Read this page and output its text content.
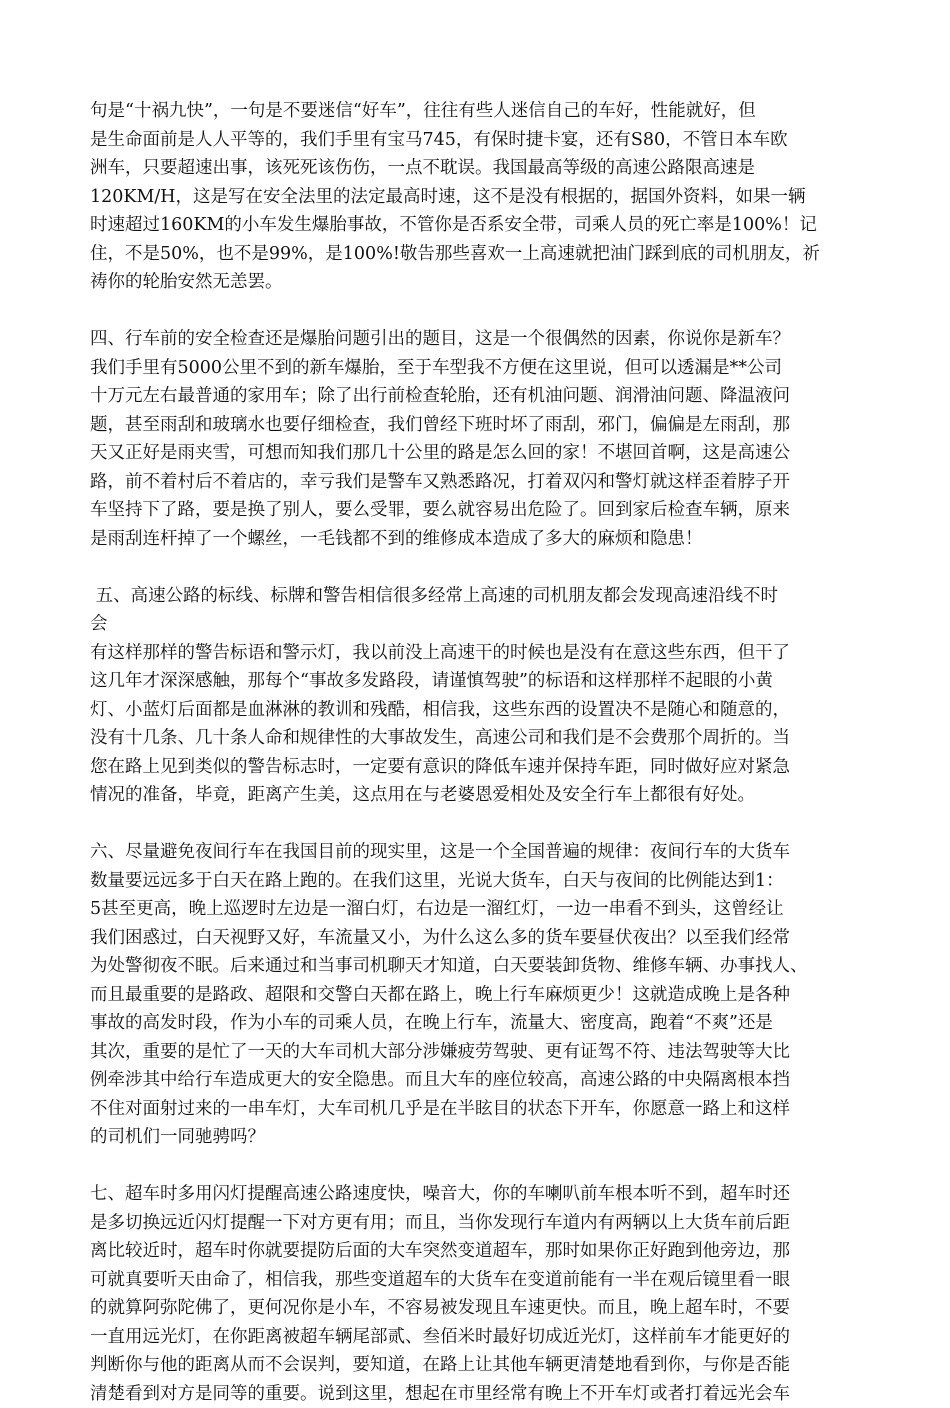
句是“十祸九快”，一句是不要迷信“好车”，往往有些人迷信自己的车好，性能就好，但
是生命面前是人人平等的，我们手里有宝马745，有保时捷卡宴，还有S80，不管日本车欧
洲车，只要超速出事，该死死该伤伤，一点不耽误。我国最高等级的高速公路限高速是
120KM/H，这是写在安全法里的法定最高时速，这不是没有根据的，据国外资料，如果一辆
时速超过160KM的小车发生爆胎事故，不管你是否系安全带，司乘人员的死亡率是100%！记
住，不是50%，也不是99%，是100%!敬告那些喜欢一上高速就把油门踩到底的司机朋友，祈
祷你的轮胎安然无恙罢。
四、行车前的安全检查还是爆胎问题引出的题目，这是一个很偶然的因素，你说你是新车？
我们手里有5000公里不到的新车爆胎，至于车型我不方便在这里说，但可以透漏是**公司
十万元左右最普通的家用车；除了出行前检查轮胎，还有机油问题、润滑油问题、降温液问
题，甚至雨刮和玻璃水也要仔细检查，我们曾经下班时坏了雨刮，邪门，偏偏是左雨刮，那
天又正好是雨夹雪，可想而知我们那几十公里的路是怎么回的家！不堪回首啊，这是高速公
路，前不着村后不着店的，幸亏我们是警车又熟悉路况，打着双闪和警灯就这样歪着脖子开
车坚持下了路，要是换了别人，要么受罪，要么就容易出危险了。回到家后检查车辆，原来
是雨刮连杆掉了一个螺丝，一毛钱都不到的维修成本造成了多大的麻烦和隐患！
五、高速公路的标线、标牌和警告相信很多经常上高速的司机朋友都会发现高速沿线不时
会
有这样那样的警告标语和警示灯，我以前没上高速干的时候也是没有在意这些东西，但干了
这几年才深深感触，那每个“事故多发路段，请谨慎驾驶”的标语和这样那样不起眼的小黄
灯、小蓝灯后面都是血淋淋的教训和残酷，相信我，这些东西的设置决不是随心和随意的，
没有十几条、几十条人命和规律性的大事故发生，高速公司和我们是不会费那个周折的。当
您在路上见到类似的警告标志时，一定要有意识的降低车速并保持车距，同时做好应对紧急
情况的准备，毕竟，距离产生美，这点用在与老婆恩爱相处及安全行车上都很有好处。
六、尽量避免夜间行车在我国目前的现实里，这是一个全国普遍的规律：夜间行车的大货车
数量要远远多于白天在路上跑的。在我们这里，光说大货车，白天与夜间的比例能达到1：
5甚至更高，晚上巡逻时左边是一溜白灯，右边是一溜红灯，一边一串看不到头，这曾经让
我们困惑过，白天视野又好，车流量又小，为什么这么多的货车要昼伏夜出？以至我们经常
为处警彻夜不眠。后来通过和当事司机聊天才知道，白天要装卸货物、维修车辆、办事找人、
而且最重要的是路政、超限和交警白天都在路上，晚上行车麻烦更少！这就造成晚上是各种
事故的高发时段，作为小车的司乘人员，在晚上行车，流量大、密度高，跑着“不爽”还是
其次，重要的是忙了一天的大车司机大部分涉嫌疲劳驾驶、更有证驾不符、违法驾驶等大比
例牵涉其中给行车造成更大的安全隐患。而且大车的座位较高，高速公路的中央隔离根本挡
不住对面射过来的一串车灯，大车司机几乎是在半眩目的状态下开车，你愿意一路上和这样
的司机们一同驰骋吗？
七、超车时多用闪灯提醒高速公路速度快，噪音大，你的车喇叭前车根本听不到，超车时还
是多切换远近闪灯提醒一下对方更有用；而且，当你发现行车道内有两辆以上大货车前后距
离比较近时，超车时你就要提防后面的大车突然变道超车，那时如果你正好跑到他旁边，那
可就真要听天由命了，相信我，那些变道超车的大货车在变道前能有一半在观后镜里看一眼
的就算阿弥陀佛了，更何况你是小车，不容易被发现且车速更快。而且，晚上超车时，不要
一直用远光灯，在你距离被超车辆尾部贰、叁佰米时最好切成近光灯，这样前车才能更好的
判断你与他的距离从而不会误判，要知道，在路上让其他车辆更清楚地看到你，与你是否能
清楚看到对方是同等的重要。说到这里，想起在市里经常有晚上不开车灯或者打着远光会车
